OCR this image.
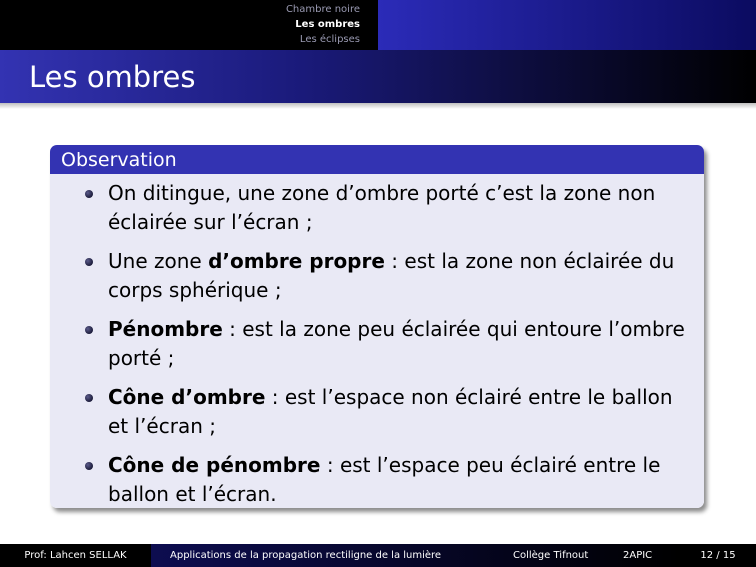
Chambre noire
Les ombres
Les éclipses
Les ombres
Observation
On ditingue, une zone d’ombre porté c’est la zone non éclairée sur l’écran ;
Une zone d’ombre propre : est la zone non éclairée du corps sphérique ;
Pénombre : est la zone peu éclairée qui entoure l’ombre porté ;
Cône d’ombre : est l’espace non éclairé entre le ballon et l’écran ;
Cône de pénombre : est l’espace peu éclairé entre le ballon et l’écran.
Prof: Lahcen SELLAK	Applications de la propagation rectiligne de la lumière	Collège Tifnout	2APIC	12 / 15
